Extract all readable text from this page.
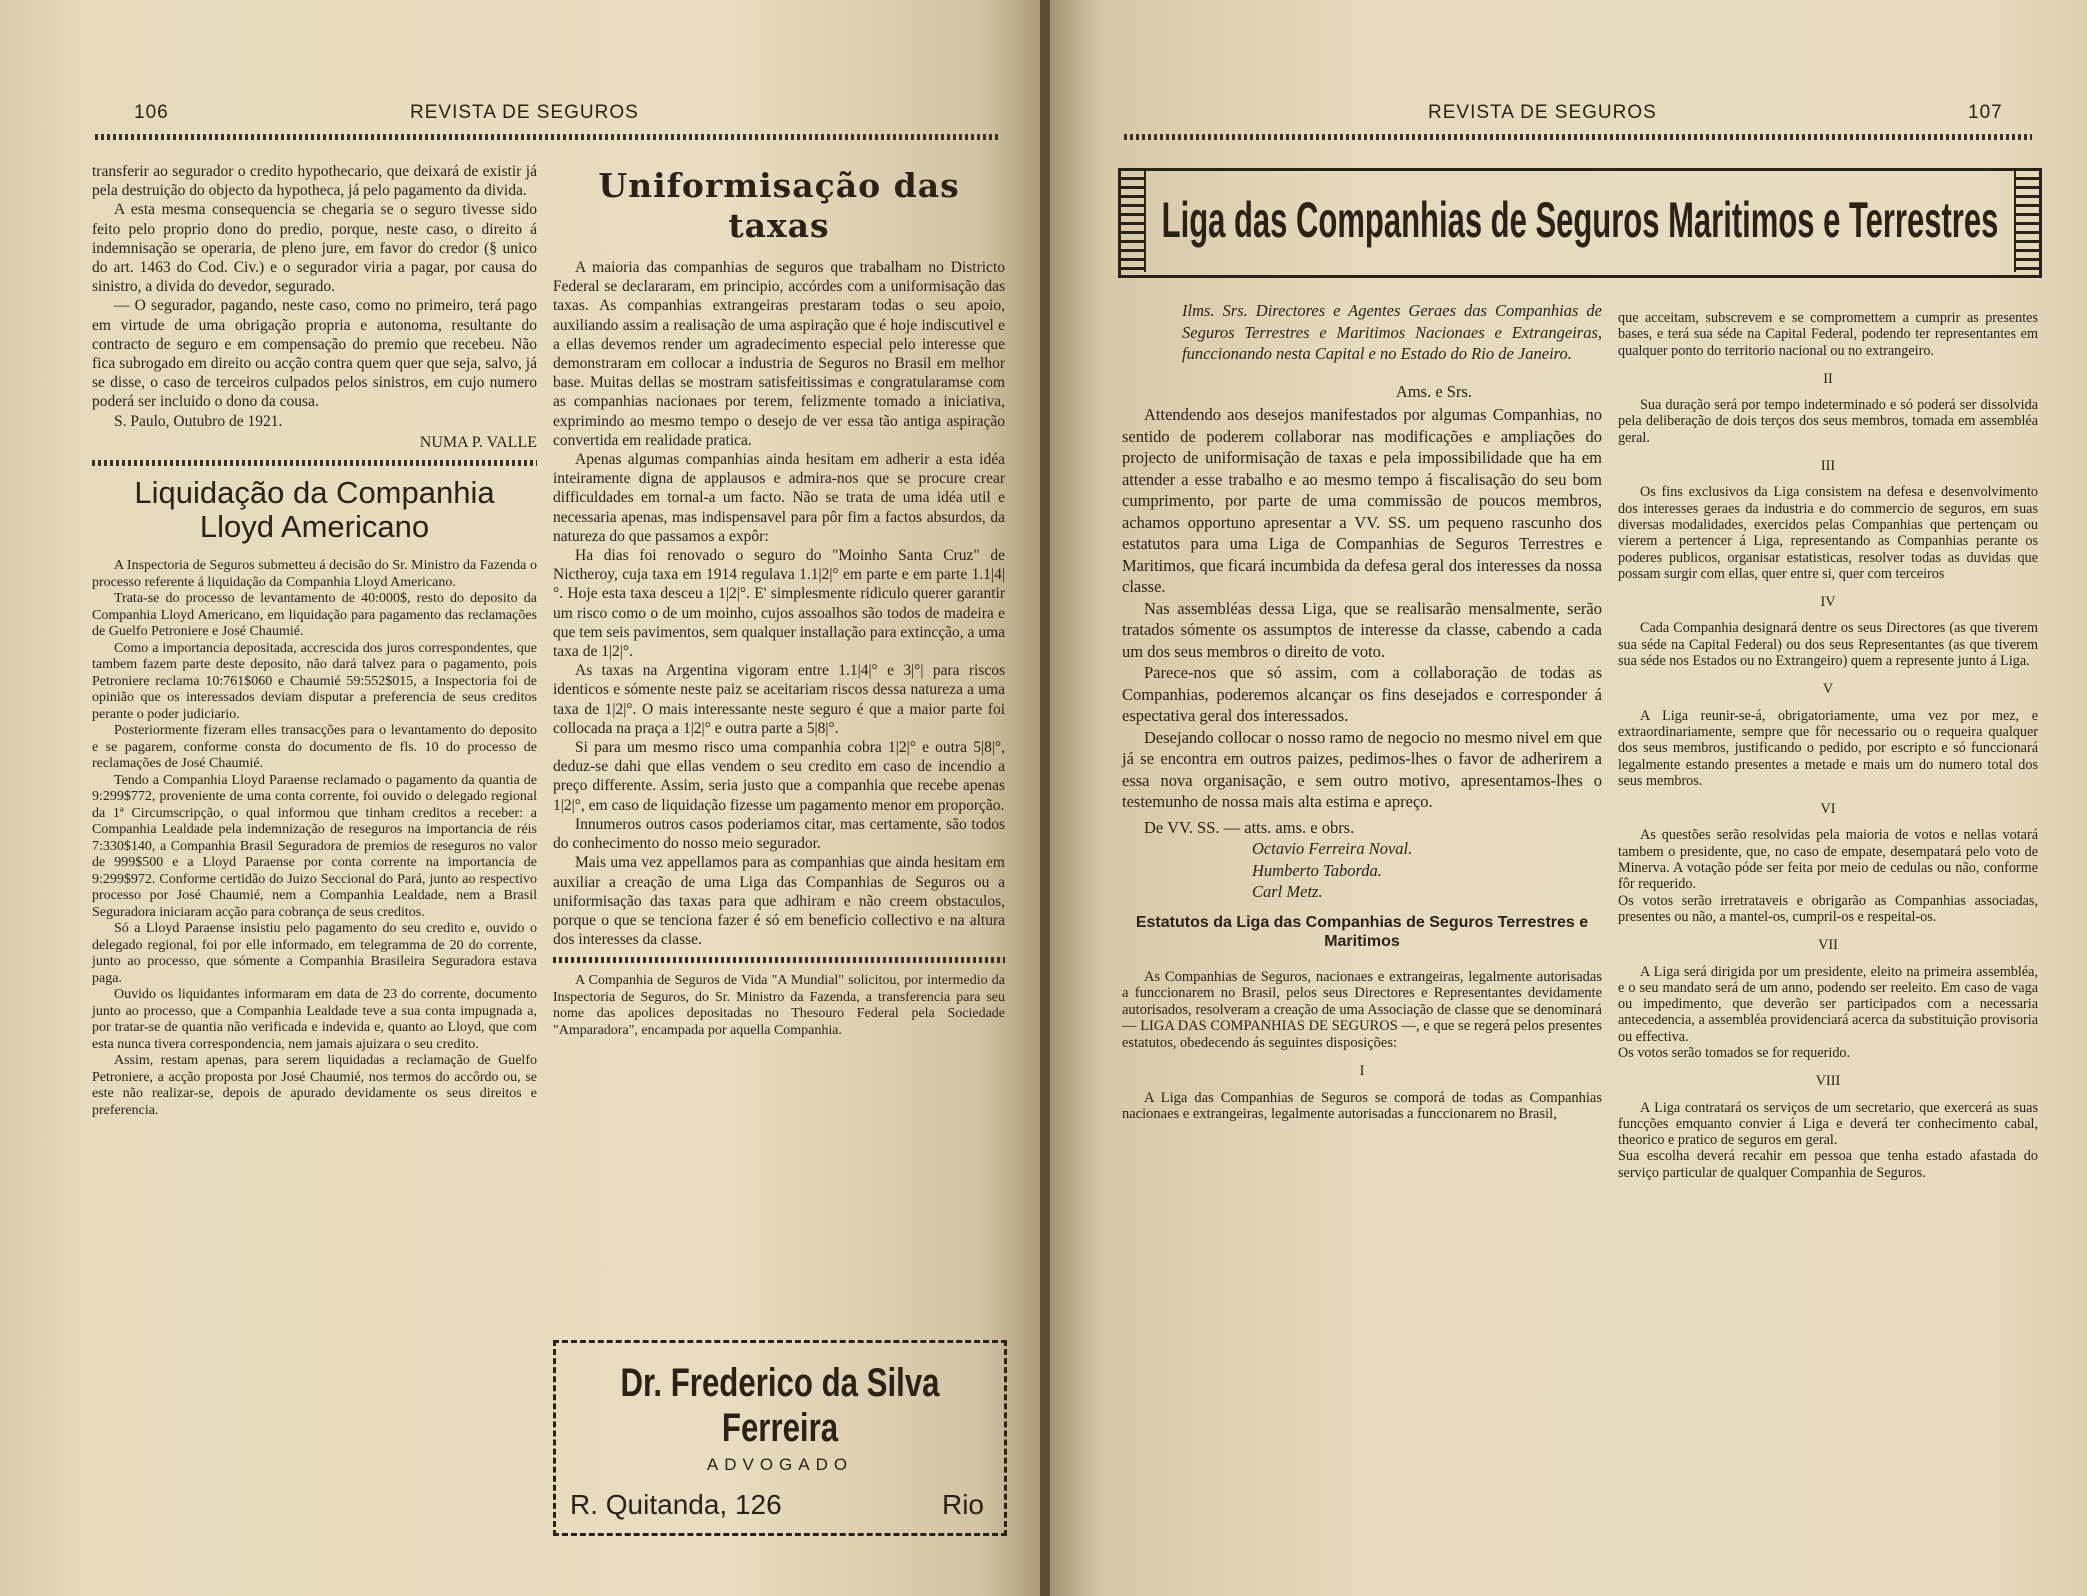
106	REVISTA DE SEGUROS

transferir ao segurador o credito hypothecario, que deixará de existir já pela destruição do objecto da hypotheca, já pelo pagamento da divida.

A esta mesma consequencia se chegaria se o seguro tivesse sido feito pelo proprio dono do predio, porque, neste caso, o direito á indemnisação se operaria, de pleno jure, em favor do credor (§ unico do art. 1463 do Cod. Civ.) e o segurador viria a pagar, por causa do sinistro, a divida do devedor, segurado.

— O segurador, pagando, neste caso, como no primeiro, terá pago em virtude de uma obrigação propria e autonoma, resultante do contracto de seguro e em compensação do premio que recebeu. Não fica subrogado em direito ou acção contra quem quer que seja, salvo, já se disse, o caso de terceiros culpados pelos sinistros, em cujo numero poderá ser incluido o dono da cousa.

S. Paulo, Outubro de 1921.

NUMA P. VALLE
Liquidação da Companhia Lloyd Americano

A Inspectoria de Seguros submetteu á decisão do Sr. Ministro da Fazenda o processo referente á liquidação da Companhia Lloyd Americano.

Trata-se do processo de levantamento de 40:000$, resto do deposito da Companhia Lloyd Americano, em liquidação para pagamento das reclamações de Guelfo Petroniere e José Chaumié.

Como a importancia depositada, accrescida dos juros correspondentes, que tambem fazem parte deste deposito, não dará talvez para o pagamento, pois Petroniere reclama 10:761$060 e Chaumié 59:552$015, a Inspectoria foi de opinião que os interessados deviam disputar a preferencia de seus creditos perante o poder judiciario.

Posteriormente fizeram elles transacções para o levantamento do deposito e se pagarem, conforme consta do documento de fls. 10 do processo de reclamações de José Chaumié.

Tendo a Companhia Lloyd Paraense reclamado o pagamento da quantia de 9:299$772, proveniente de uma conta corrente, foi ouvido o delegado regional da 1ª Circumscripção, o qual informou que tinham creditos a receber: a Companhia Lealdade pela indemnização de reseguros na importancia de réis 7:330$140, a Companhia Brasil Seguradora de premios de reseguros no valor de 999$500 e a Lloyd Paraense por conta corrente na importancia de 9:299$972. Conforme certidão do Juizo Seccional do Pará, junto ao respectivo processo por José Chaumié, nem a Companhia Lealdade, nem a Brasil Seguradora iniciaram acção para cobrança de seus creditos.

Só a Lloyd Paraense insistiu pelo pagamento do seu credito e, ouvido o delegado regional, foi por elle informado, em telegramma de 20 do corrente, junto ao processo, que sómente a Companhia Brasileira Seguradora estava paga.

Ouvido os liquidantes informaram em data de 23 do corrente, documento junto ao processo, que a Companhia Lealdade teve a sua conta impugnada a, por tratar-se de quantia não verificada e indevida e, quanto ao Lloyd, que com esta nunca tivera correspondencia, nem jamais ajuizara o seu credito.

Assim, restam apenas, para serem liquidadas a reclamação de Guelfo Petroniere, a acção proposta por José Chaumié, nos termos do accôrdo ou, se este não realizar-se, depois de apurado devidamente os seus direitos e preferencia.

Uniformisação das taxas

A maioria das companhias de seguros que trabalham no Districto Federal se declararam, em principio, accórdes com a uniformisação das taxas. As companhias extrangeiras prestaram todas o seu apoio, auxiliando assim a realisação de uma aspiração que é hoje indiscutivel e a ellas devemos render um agradecimento especial pelo interesse que demonstraram em collocar a industria de Seguros no Brasil em melhor base. Muitas dellas se mostram satisfeitissimas e congratularamse com as companhias nacionaes por terem, felizmente tomado a iniciativa, exprimindo ao mesmo tempo o desejo de ver essa tão antiga aspiração convertida em realidade pratica.

Apenas algumas companhias ainda hesitam em adherir a esta idéa inteiramente digna de applausos e admira-nos que se procure crear difficuldades em tornal-a um facto. Não se trata de uma idéa util e necessaria apenas, mas indispensavel para pôr fim a factos absurdos, da natureza do que passamos a expôr:

Ha dias foi renovado o seguro do "Moinho Santa Cruz" de Nictheroy, cuja taxa em 1914 regulava 1.1|2|° em parte e em parte 1.1|4|°. Hoje esta taxa desceu a 1|2|°. E' simplesmente ridiculo querer garantir um risco como o de um moinho, cujos assoalhos são todos de madeira e que tem seis pavimentos, sem qualquer installação para extincção, a uma taxa de 1|2|°.

As taxas na Argentina vigoram entre 1.1|4|° e 3|°| para riscos identicos e sómente neste paiz se aceitariam riscos dessa natureza a uma taxa de 1|2|°. O mais interessante neste seguro é que a maior parte foi collocada na praça a 1|2|° e outra parte a 5|8|°.

Si para um mesmo risco uma companhia cobra 1|2|° e outra 5|8|°, deduz-se dahi que ellas vendem o seu credito em caso de incendio a preço differente. Assim, seria justo que a companhia que recebe apenas 1|2|°, em caso de liquidação fizesse um pagamento menor em proporção.

Innumeros outros casos poderiamos citar, mas certamente, são todos do conhecimento do nosso meio segurador.

Mais uma vez appellamos para as companhias que ainda hesitam em auxiliar a creação de uma Liga das Companhias de Seguros ou a uniformisação das taxas para que adhiram e não creem obstaculos, porque o que se tenciona fazer é só em beneficio collectivo e na altura dos interesses da classe.

A Companhia de Seguros de Vida "A Mundial" solicitou, por intermedio da Inspectoria de Seguros, do Sr. Ministro da Fazenda, a transferencia para seu nome das apolices depositadas no Thesouro Federal pela Sociedade "Amparadora", encampada por aquella Companhia.

Dr. Frederico da Silva Ferreira
ADVOGADO
R. Quitanda, 126	Rio
REVISTA DE SEGUROS	107
Liga das Companhias de Seguros Maritimos e Terrestres

Ilms. Srs. Directores e Agentes Geraes das Companhias de Seguros Terrestres e Maritimos Nacionaes e Extrangeiras, funccionando nesta Capital e no Estado do Rio de Janeiro.

Ams. e Srs.

Attendendo aos desejos manifestados por algumas Companhias, no sentido de poderem collaborar nas modificações e ampliações do projecto de uniformisação de taxas e pela impossibilidade que ha em attender a esse trabalho e ao mesmo tempo á fiscalisação do seu bom cumprimento, por parte de uma commissão de poucos membros, achamos opportuno apresentar a VV. SS. um pequeno rascunho dos estatutos para uma Liga de Companhias de Seguros Terrestres e Maritimos, que ficará incumbida da defesa geral dos interesses da nossa classe.

Nas assembléas dessa Liga, que se realisarão mensalmente, serão tratados sómente os assumptos de interesse da classe, cabendo a cada um dos seus membros o direito de voto.

Parece-nos que só assim, com a collaboração de todas as Companhias, poderemos alcançar os fins desejados e corresponder á espectativa geral dos interessados.

Desejando collocar o nosso ramo de negocio no mesmo nivel em que já se encontra em outros paizes, pedimos-lhes o favor de adherirem a essa nova organisação, e sem outro motivo, apresentamos-lhes o testemunho de nossa mais alta estima e apreço.

De VV. SS. — atts. ams. e obrs.

Octavio Ferreira Noval.
Humberto Taborda.
Carl Metz.
Estatutos da Liga das Companhias de Seguros Terrestres e Maritimos

As Companhias de Seguros, nacionaes e extrangeiras, legalmente autorisadas a funccionarem no Brasil, pelos seus Directores e Representantes devidamente autorisados, resolveram a creação de uma Associação de classe que se denominará — LIGA DAS COMPANHIAS DE SEGUROS —, e que se regerá pelos presentes estatutos, obedecendo ás seguintes disposições:

I

A Liga das Companhias de Seguros se comporá de todas as Companhias nacionaes e extrangeiras, legalmente autorisadas a funccionarem no Brasil,

que acceitam, subscrevem e se compromettem a cumprir as presentes bases, e terá sua séde na Capital Federal, podendo ter representantes em qualquer ponto do territorio nacional ou no extrangeiro.

II

Sua duração será por tempo indeterminado e só poderá ser dissolvida pela deliberação de dois terços dos seus membros, tomada em assembléa geral.

III

Os fins exclusivos da Liga consistem na defesa e desenvolvimento dos interesses geraes da industria e do commercio de seguros, em suas diversas modalidades, exercidos pelas Companhias que pertençam ou vierem a pertencer á Liga, representando as Companhias perante os poderes publicos, organisar estatisticas, resolver todas as duvidas que possam surgir com ellas, quer entre si, quer com terceiros

IV

Cada Companhia designará dentre os seus Directores (as que tiverem sua séde na Capital Federal) ou dos seus Representantes (as que tiverem sua séde nos Estados ou no Extrangeiro) quem a represente junto á Liga.

V

A Liga reunir-se-á, obrigatoriamente, uma vez por mez, e extraordinariamente, sempre que fôr necessario ou o requeira qualquer dos seus membros, justificando o pedido, por escripto e só funccionará legalmente estando presentes a metade e mais um do numero total dos seus membros.

VI

As questões serão resolvidas pela maioria de votos e nellas votará tambem o presidente, que, no caso de empate, desempatará pelo voto de Minerva. A votação póde ser feita por meio de cedulas ou não, conforme fôr requerido.
Os votos serão irretrataveis e obrigarão as Companhias associadas, presentes ou não, a mantel-os, cumpril-os e respeital-os.

VII

A Liga será dirigida por um presidente, eleito na primeira assembléa, e o seu mandato será de um anno, podendo ser reeleito. Em caso de vaga ou impedimento, que deverão ser participados com a necessaria antecedencia, a assembléa providenciará acerca da substituição provisoria ou effectiva.
Os votos serão tomados se for requerido.

VIII

A Liga contratará os serviços de um secretario, que exercerá as suas funcções emquanto convier á Liga e deverá ter conhecimento cabal, theorico e pratico de seguros em geral.
Sua escolha deverá recahir em pessoa que tenha estado afastada do serviço particular de qualquer Companhia de Seguros.
